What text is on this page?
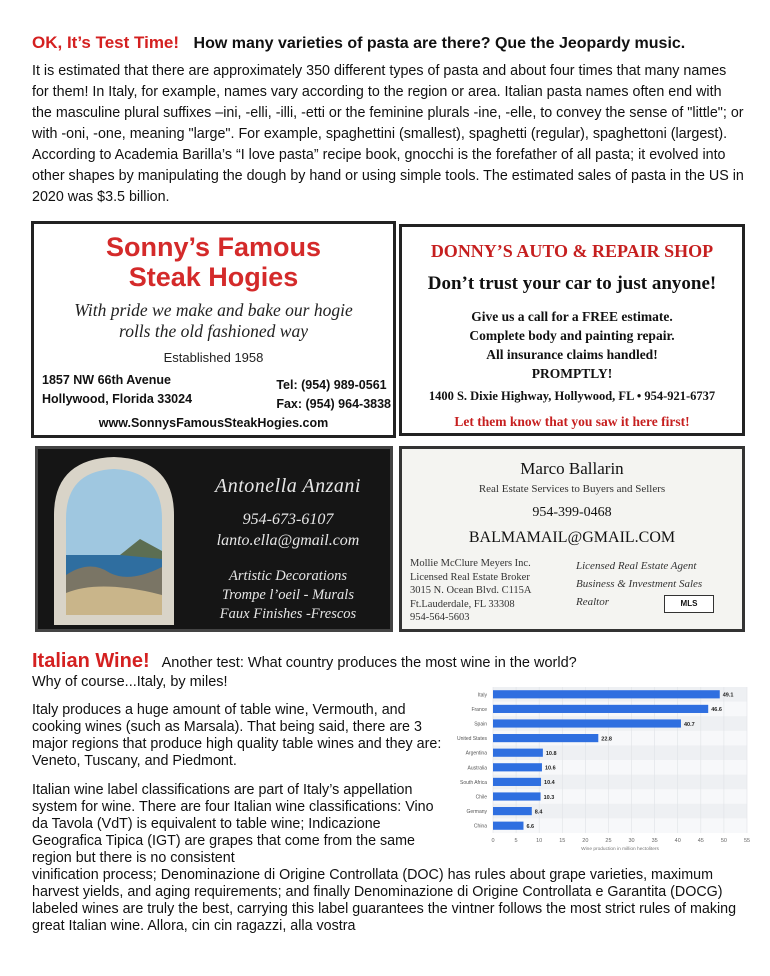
OK, It’s Test Time! How many varieties of pasta are there? Que the Jeopardy music.

It is estimated that there are approximately 350 different types of pasta and about four times that many names for them! In Italy, for example, names vary according to the region or area. Italian pasta names often end with the masculine plural suffixes –ini, -elli, -illi, -etti or the feminine plurals -ine, -elle, to convey the sense of "little"; or with -oni, -one, meaning "large". For example, spaghettini (smallest), spaghetti (regular), spaghettoni (largest). According to Academia Barilla’s “I love pasta” recipe book, gnocchi is the forefather of all pasta; it evolved into other shapes by manipulating the dough by hand or using simple tools. The estimated sales of pasta in the US in 2020 was $3.5 billion.

Sonny’s Famous
Steak Hogies
With pride we make and bake our hogie
rolls the old fashioned way
Established 1958
1857 NW 66th Avenue
Hollywood, Florida 33024
Tel: (954) 989-0561
Fax: (954) 964-3838
www.SonnysFamousSteakHogies.com
DONNY’S AUTO & REPAIR SHOP
Don’t trust your car to just anyone!
Give us a call for a FREE estimate.
Complete body and painting repair.
All insurance claims handled!
PROMPTLY!
1400 S. Dixie Highway, Hollywood, FL • 954-921-6737
Let them know that you saw it here first!
Antonella Anzani
954-673-6107
lanto.ella@gmail.com
Artistic Decorations
Trompe l’oeil - Murals
Faux Finishes -Frescos
Marco Ballarin
Real Estate Services to Buyers and Sellers
954-399-0468
BALMAMAIL@GMAIL.COM
Mollie McClure Meyers Inc.
Licensed Real Estate Broker
3015 N. Ocean Blvd. C115A
Ft.Lauderdale, FL 33308
954-564-5603
Licensed Real Estate Agent
Business & Investment Sales
Realtor	MLS
Italian Wine! Another test: What country produces the most wine in the world?
Why of course...Italy, by miles!

Italy produces a huge amount of table wine, Vermouth, and cooking wines (such as Marsala). That being said, there are 3 major regions that produce high quality table wines and they are: Veneto, Tuscany, and Piedmont.

Italian wine label classifications are part of Italy’s appellation system for wine. There are four Italian wine classifications: Vino da Tavola (VdT) is equivalent to table wine; Indicazione Geografica Tipica (IGT) are grapes that come from the same region but there is no consistent

vinification process; Denominazione di Origine Controllata (DOC) has rules about grape varieties, maximum harvest yields, and aging requirements; and finally Denominazione di Origine Controllata e Garantita (DOCG) labeled wines are truly the best, carrying this label guarantees the vintner follows the most strict rules of making great Italian wine. Allora, cin cin ragazzi, alla vostra

0	5	10	15	20	25	30	35	40	45	50	55
Italy	49.1
France	46.6
Spain	40.7
United States	22.8
Argentina	10.8
Australia	10.6
South Africa	10.4
Chile	10.3
Germany	8.4
China	6.6
Wine production in million hectoliters
